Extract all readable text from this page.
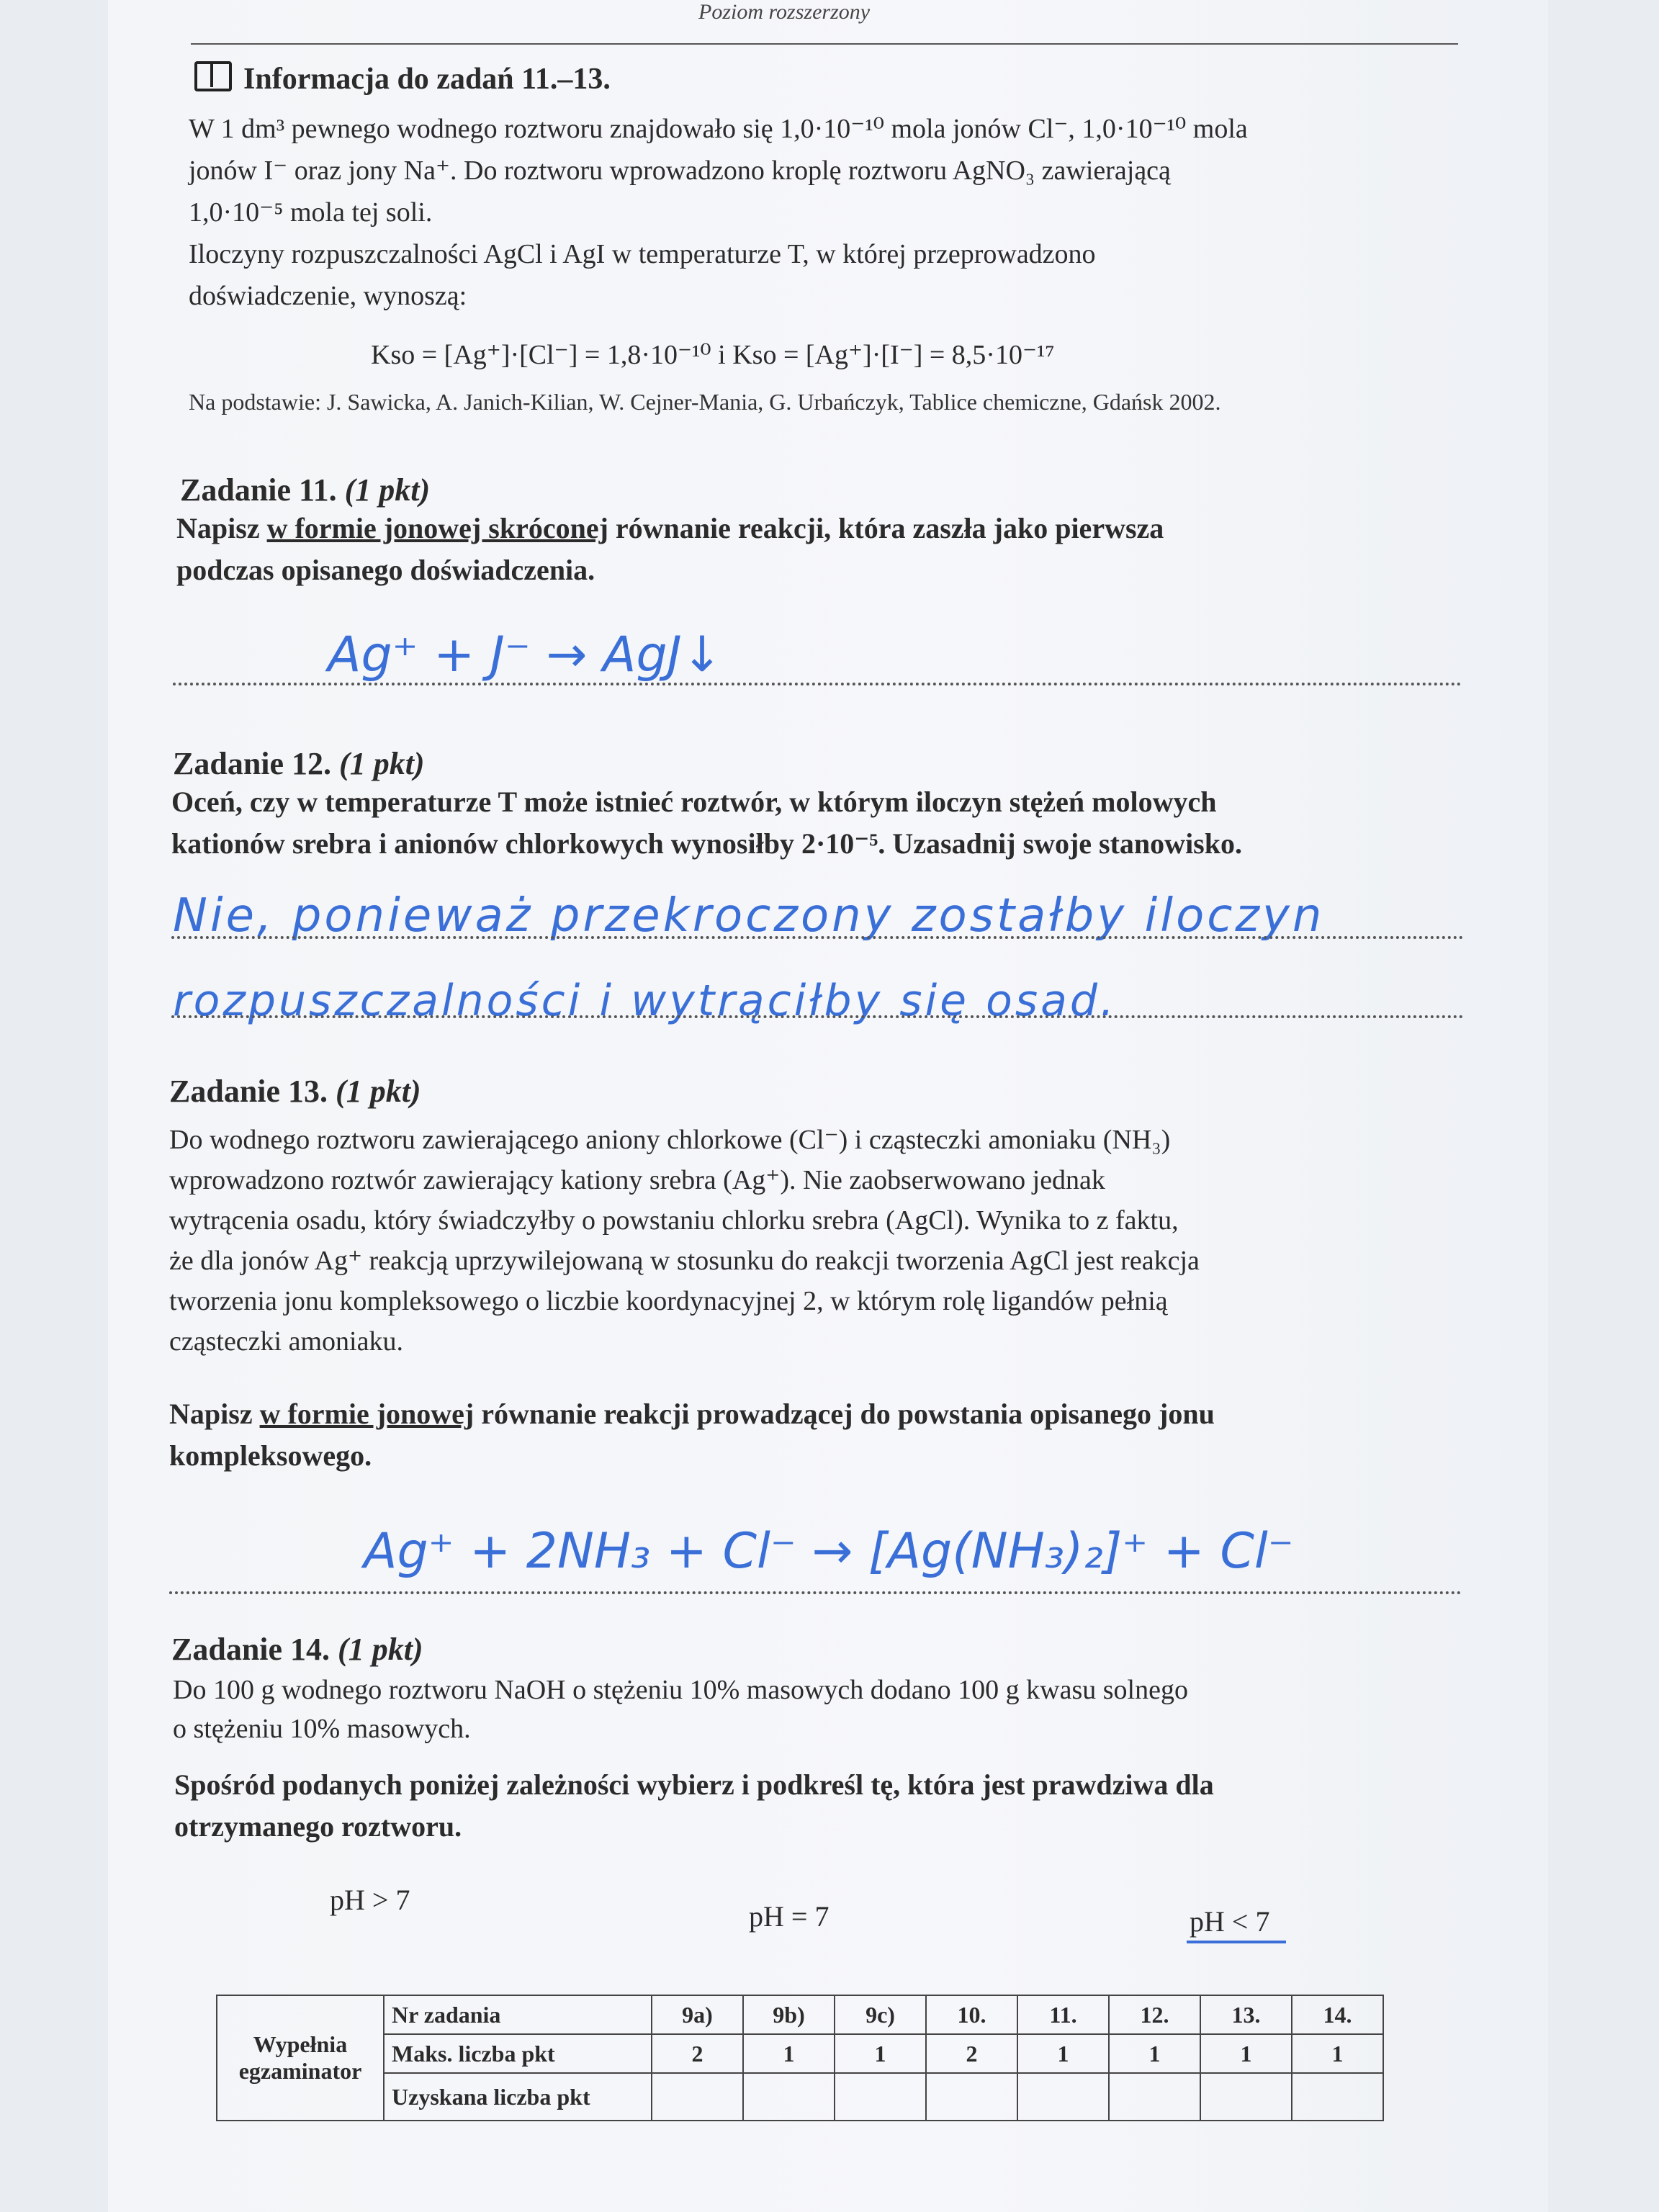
Poziom rozszerzony
Informacja do zadań 11.–13.
W 1 dm³ pewnego wodnego roztworu znajdowało się 1,0·10⁻¹⁰ mola jonów Cl⁻, 1,0·10⁻¹⁰ mola
jonów I⁻ oraz jony Na⁺. Do roztworu wprowadzono kroplę roztworu AgNO₃ zawierającą
1,0·10⁻⁵ mola tej soli.
Iloczyny rozpuszczalności AgCl i AgI w temperaturze T, w której przeprowadzono
doświadczenie, wynoszą:
Kso = [Ag⁺]·[Cl⁻] = 1,8·10⁻¹⁰ i Kso = [Ag⁺]·[I⁻] = 8,5·10⁻¹⁷
Na podstawie: J. Sawicka, A. Janich-Kilian, W. Cejner-Mania, G. Urbańczyk, Tablice chemiczne, Gdańsk 2002.
Zadanie 11. (1 pkt)
Napisz w formie jonowej skróconej równanie reakcji, która zaszła jako pierwsza
podczas opisanego doświadczenia.
Ag⁺ + J⁻ → AgJ↓
Zadanie 12. (1 pkt)
Oceń, czy w temperaturze T może istnieć roztwór, w którym iloczyn stężeń molowych
kationów srebra i anionów chlorkowych wynosiłby 2·10⁻⁵. Uzasadnij swoje stanowisko.
Nie, ponieważ przekroczony zostałby iloczyn
rozpuszczalności i wytrąciłby się osad.
Zadanie 13. (1 pkt)
Do wodnego roztworu zawierającego aniony chlorkowe (Cl⁻) i cząsteczki amoniaku (NH₃)
wprowadzono roztwór zawierający kationy srebra (Ag⁺). Nie zaobserwowano jednak
wytrącenia osadu, który świadczyłby o powstaniu chlorku srebra (AgCl). Wynika to z faktu,
że dla jonów Ag⁺ reakcją uprzywilejowaną w stosunku do reakcji tworzenia AgCl jest reakcja
tworzenia jonu kompleksowego o liczbie koordynacyjnej 2, w którym rolę ligandów pełnią
cząsteczki amoniaku.
Napisz w formie jonowej równanie reakcji prowadzącej do powstania opisanego jonu
kompleksowego.
Ag⁺ + 2NH₃ + Cl⁻ → [Ag(NH₃)₂]⁺ + Cl⁻
Zadanie 14. (1 pkt)
Do 100 g wodnego roztworu NaOH o stężeniu 10% masowych dodano 100 g kwasu solnego
o stężeniu 10% masowych.
Spośród podanych poniżej zależności wybierz i podkreśl tę, która jest prawdziwa dla
otrzymanego roztworu.
pH > 7
pH = 7	pH < 7
Wypełnia
egzaminator	Nr zadania	9a)	9b)	9c)	10.	11.	12.	13.	14.
	Maks. liczba pkt	2	1	1	2	1	1	1	1
	Uzyskana liczba pkt								
